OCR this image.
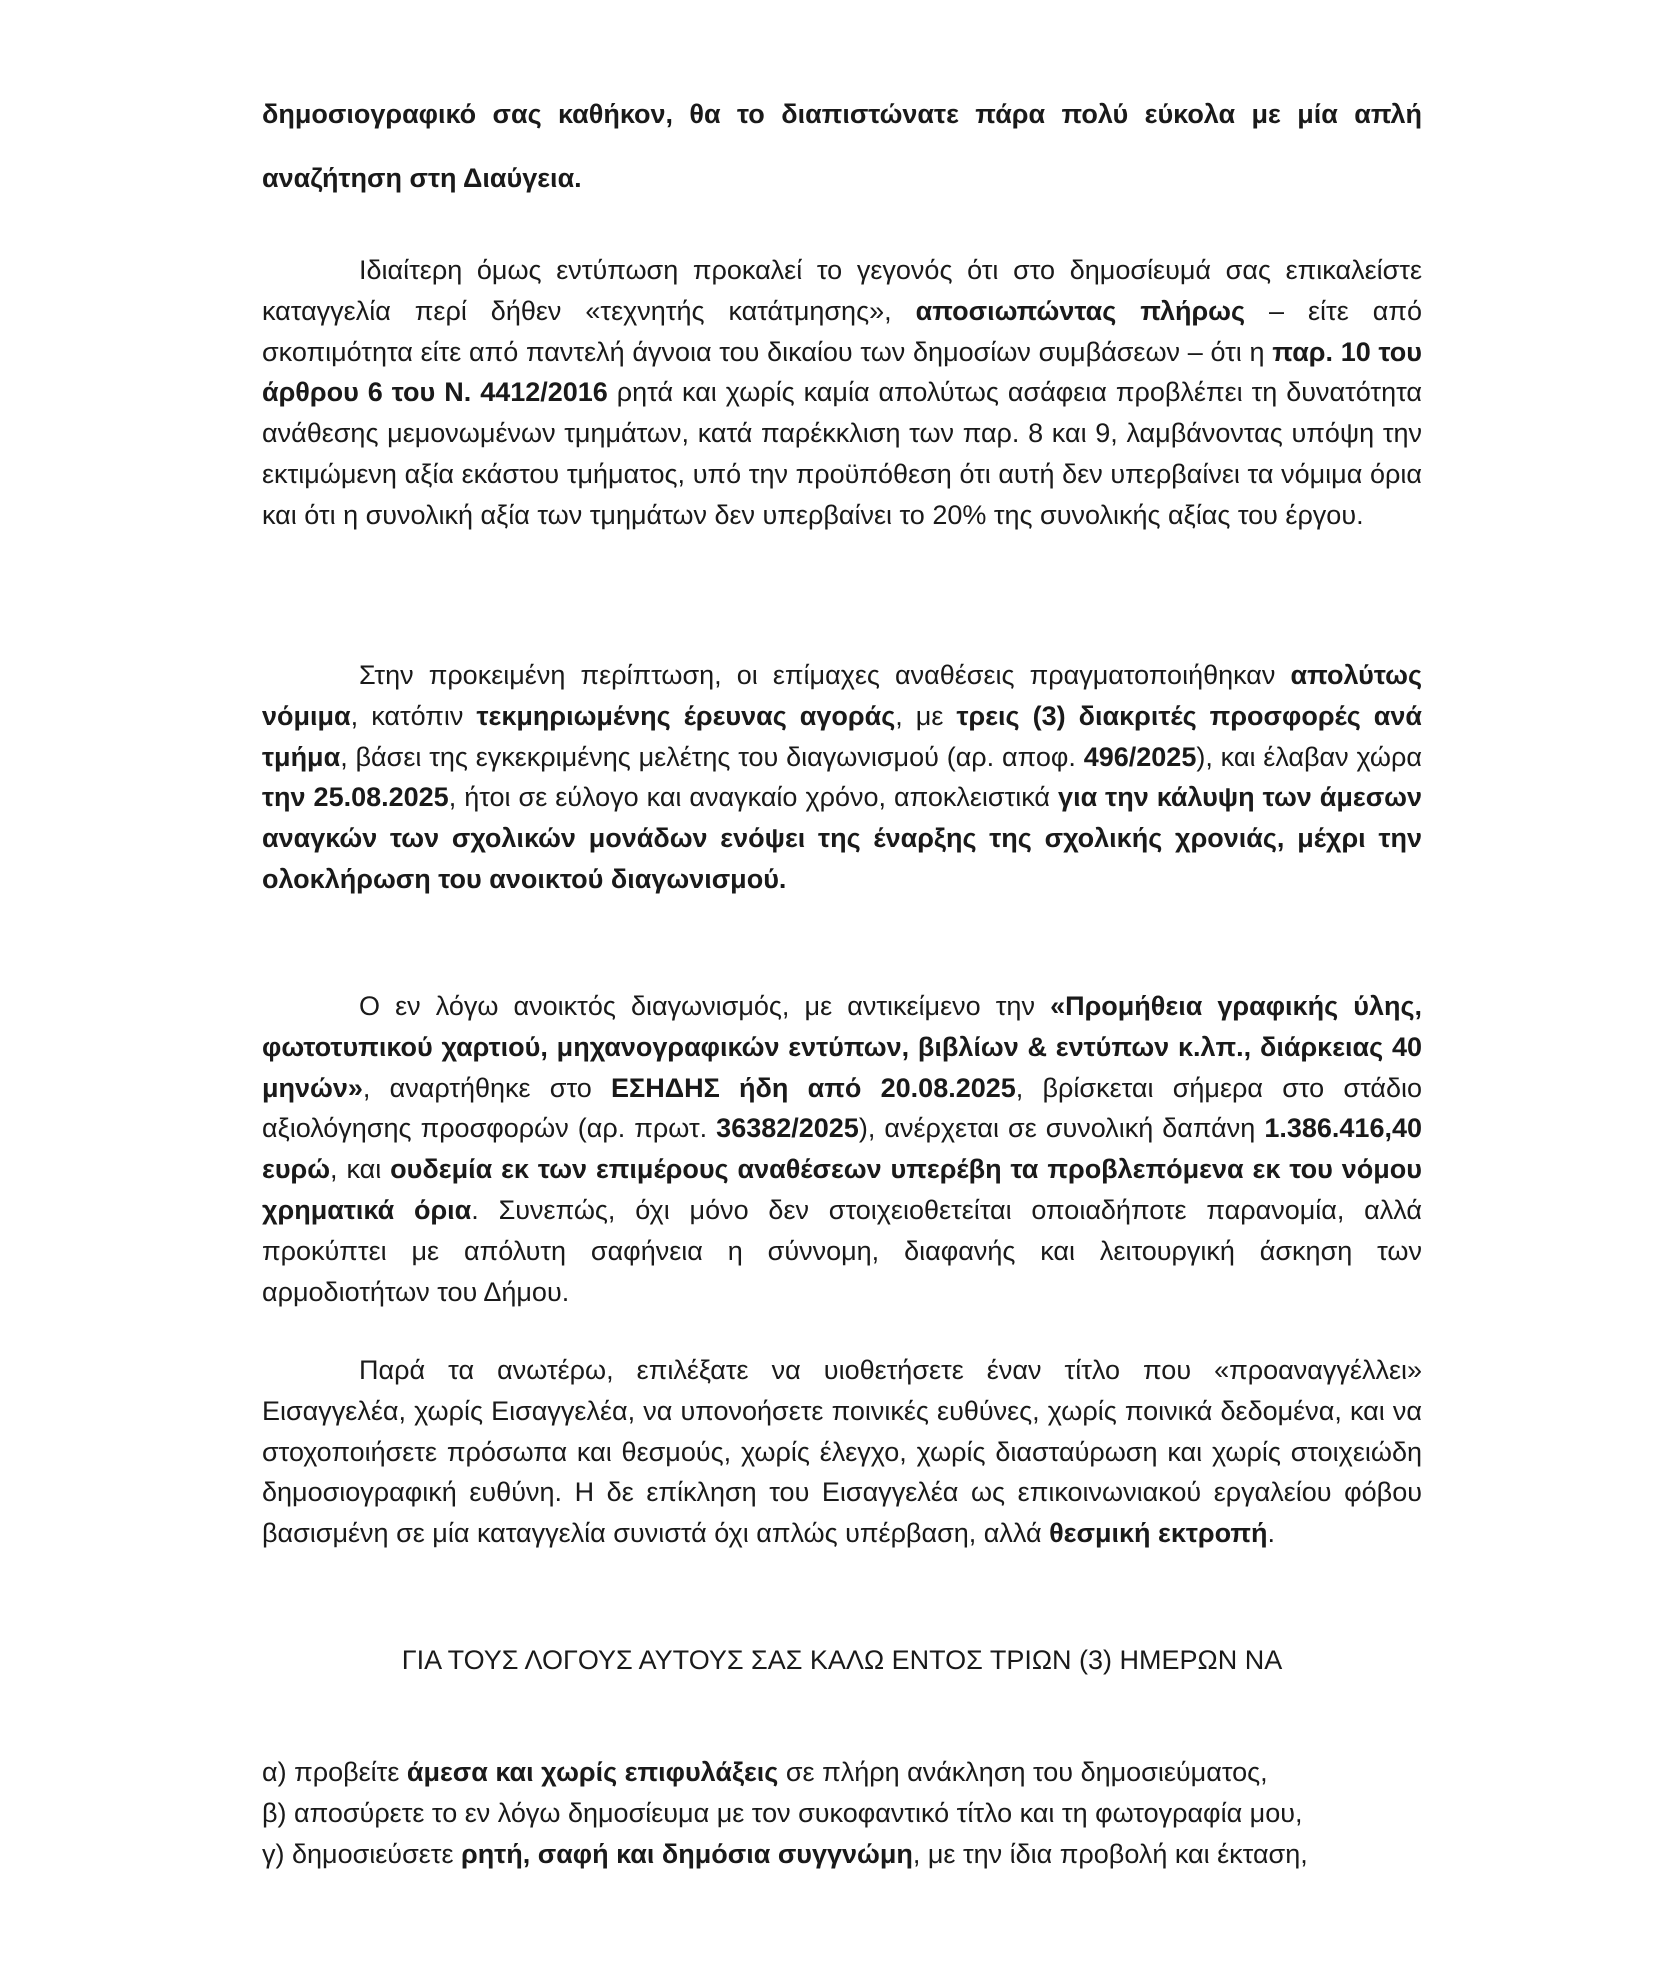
δημοσιογραφικό σας καθήκον, θα το διαπιστώνατε πάρα πολύ εύκολα με μία απλή αναζήτηση στη Διαύγεια.

Ιδιαίτερη όμως εντύπωση προκαλεί το γεγονός ότι στο δημοσίευμά σας επικαλείστε καταγγελία περί δήθεν «τεχνητής κατάτμησης», αποσιωπώντας πλήρως – είτε από σκοπιμότητα είτε από παντελή άγνοια του δικαίου των δημοσίων συμβάσεων – ότι η παρ. 10 του άρθρου 6 του Ν. 4412/2016 ρητά και χωρίς καμία απολύτως ασάφεια προβλέπει τη δυνατότητα ανάθεσης μεμονωμένων τμημάτων, κατά παρέκκλιση των παρ. 8 και 9, λαμβάνοντας υπόψη την εκτιμώμενη αξία εκάστου τμήματος, υπό την προϋπόθεση ότι αυτή δεν υπερβαίνει τα νόμιμα όρια και ότι η συνολική αξία των τμημάτων δεν υπερβαίνει το 20% της συνολικής αξίας του έργου.

Στην προκειμένη περίπτωση, οι επίμαχες αναθέσεις πραγματοποιήθηκαν απολύτως νόμιμα, κατόπιν τεκμηριωμένης έρευνας αγοράς, με τρεις (3) διακριτές προσφορές ανά τμήμα, βάσει της εγκεκριμένης μελέτης του διαγωνισμού (αρ. αποφ. 496/2025), και έλαβαν χώρα την 25.08.2025, ήτοι σε εύλογο και αναγκαίο χρόνο, αποκλειστικά για την κάλυψη των άμεσων αναγκών των σχολικών μονάδων ενόψει της έναρξης της σχολικής χρονιάς, μέχρι την ολοκλήρωση του ανοικτού διαγωνισμού.

Ο εν λόγω ανοικτός διαγωνισμός, με αντικείμενο την «Προμήθεια γραφικής ύλης, φωτοτυπικού χαρτιού, μηχανογραφικών εντύπων, βιβλίων & εντύπων κ.λπ., διάρκειας 40 μηνών», αναρτήθηκε στο ΕΣΗΔΗΣ ήδη από 20.08.2025, βρίσκεται σήμερα στο στάδιο αξιολόγησης προσφορών (αρ. πρωτ. 36382/2025), ανέρχεται σε συνολική δαπάνη 1.386.416,40 ευρώ, και ουδεμία εκ των επιμέρους αναθέσεων υπερέβη τα προβλεπόμενα εκ του νόμου χρηματικά όρια. Συνεπώς, όχι μόνο δεν στοιχειοθετείται οποιαδήποτε παρανομία, αλλά προκύπτει με απόλυτη σαφήνεια η σύννομη, διαφανής και λειτουργική άσκηση των αρμοδιοτήτων του Δήμου.

Παρά τα ανωτέρω, επιλέξατε να υιοθετήσετε έναν τίτλο που «προαναγγέλλει» Εισαγγελέα, χωρίς Εισαγγελέα, να υπονοήσετε ποινικές ευθύνες, χωρίς ποινικά δεδομένα, και να στοχοποιήσετε πρόσωπα και θεσμούς, χωρίς έλεγχο, χωρίς διασταύρωση και χωρίς στοιχειώδη δημοσιογραφική ευθύνη. Η δε επίκληση του Εισαγγελέα ως επικοινωνιακού εργαλείου φόβου βασισμένη σε μία καταγγελία συνιστά όχι απλώς υπέρβαση, αλλά θεσμική εκτροπή.

ΓΙΑ ΤΟΥΣ ΛΟΓΟΥΣ ΑΥΤΟΥΣ ΣΑΣ ΚΑΛΩ ΕΝΤΟΣ ΤΡΙΩΝ (3) ΗΜΕΡΩΝ ΝΑ

α) προβείτε άμεσα και χωρίς επιφυλάξεις σε πλήρη ανάκληση του δημοσιεύματος,
β) αποσύρετε το εν λόγω δημοσίευμα με τον συκοφαντικό τίτλο και τη φωτογραφία μου,
γ) δημοσιεύσετε ρητή, σαφή και δημόσια συγγνώμη, με την ίδια προβολή και έκταση,
